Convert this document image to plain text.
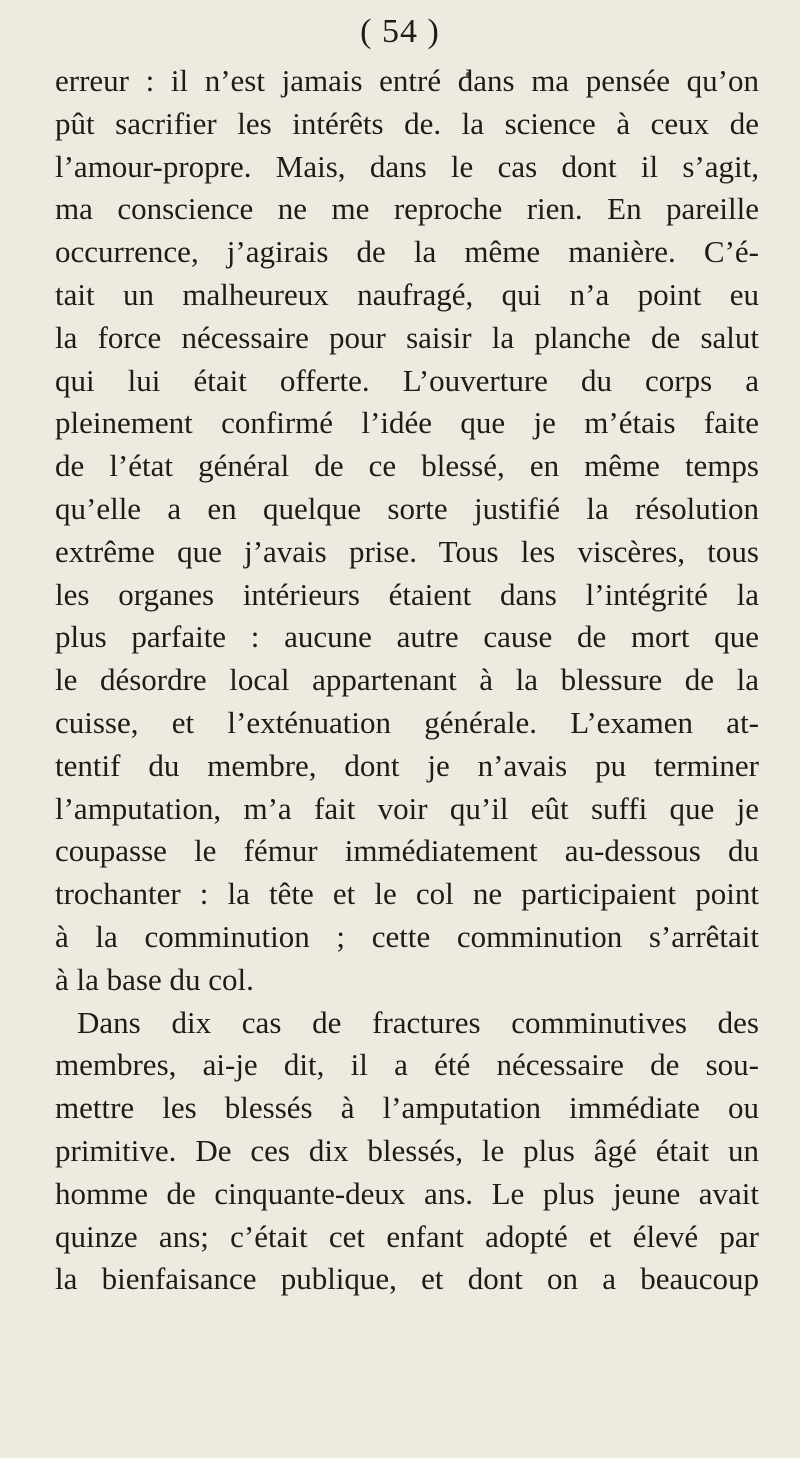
( 54 )
erreur : il n’est jamais entré dans ma pensée qu’on
pût sacrifier les intérêts de. la science à ceux de
l’amour-propre. Mais, dans le cas dont il s’agit,
ma conscience ne me reproche rien. En pareille
occurrence, j’agirais de la même manière. C’é-
tait un malheureux naufragé, qui n’a point eu
la force nécessaire pour saisir la planche de salut
qui lui était offerte. L’ouverture du corps a
pleinement confirmé l’idée que je m’étais faite
de l’état général de ce blessé, en même temps
qu’elle a en quelque sorte justifié la résolution
extrême que j’avais prise. Tous les viscères, tous
les organes intérieurs étaient dans l’intégrité la
plus parfaite : aucune autre cause de mort que
le désordre local appartenant à la blessure de la
cuisse, et l’exténuation générale. L’examen at-
tentif du membre, dont je n’avais pu terminer
l’amputation, m’a fait voir qu’il eût suffi que je
coupasse le fémur immédiatement au-dessous du
trochanter : la tête et le col ne participaient point
à la comminution ; cette comminution s’arrêtait
à la base du col.
Dans dix cas de fractures comminutives des
membres, ai-je dit, il a été nécessaire de sou-
mettre les blessés à l’amputation immédiate ou
primitive. De ces dix blessés, le plus âgé était un
homme de cinquante-deux ans. Le plus jeune avait
quinze ans; c’était cet enfant adopté et élevé par
la bienfaisance publique, et dont on a beaucoup
